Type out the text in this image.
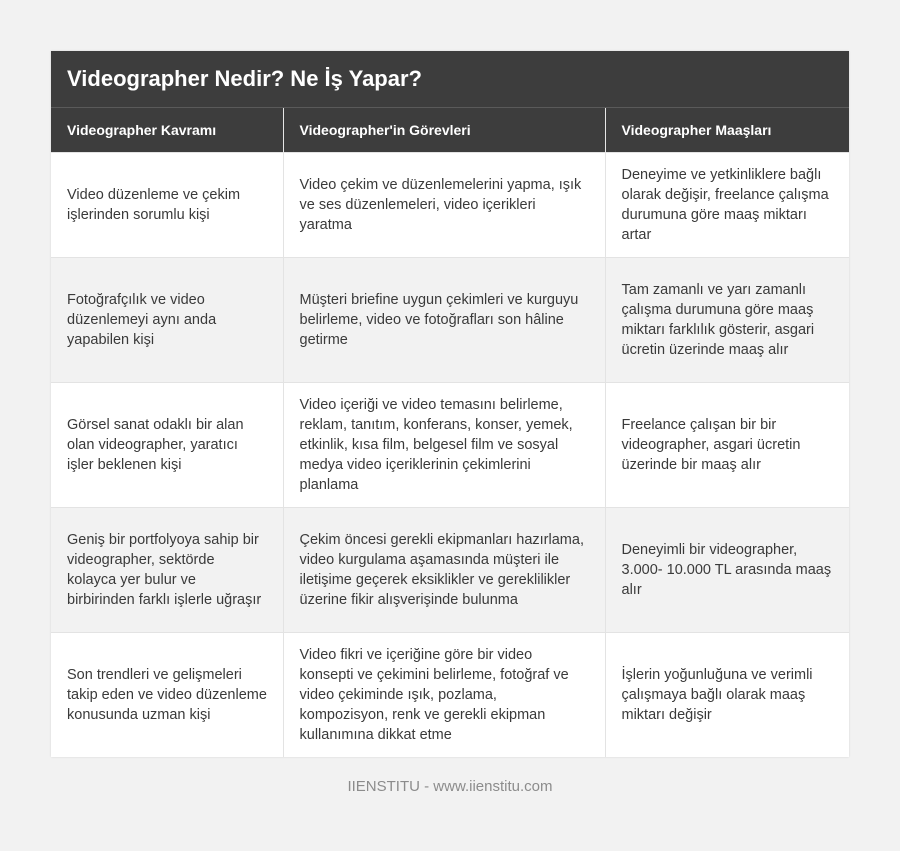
Videographer Nedir? Ne İş Yapar?
Videographer Kavramı	Videographer'in Görevleri	Videographer Maaşları
Video düzenleme ve çekim işlerinden sorumlu kişi	Video çekim ve düzenlemelerini yapma, ışık ve ses düzenlemeleri, video içerikleri yaratma	Deneyime ve yetkinliklere bağlı olarak değişir, freelance çalışma durumuna göre maaş miktarı artar
Fotoğrafçılık ve video düzenlemeyi aynı anda yapabilen kişi	Müşteri briefine uygun çekimleri ve kurguyu belirleme, video ve fotoğrafları son hâline getirme	Tam zamanlı ve yarı zamanlı çalışma durumuna göre maaş miktarı farklılık gösterir, asgari ücretin üzerinde maaş alır
Görsel sanat odaklı bir alan olan videographer, yaratıcı işler beklenen kişi	Video içeriği ve video temasını belirleme, reklam, tanıtım, konferans, konser, yemek, etkinlik, kısa film, belgesel film ve sosyal medya video içeriklerinin çekimlerini planlama	Freelance çalışan bir bir videographer, asgari ücretin üzerinde bir maaş alır
Geniş bir portfolyoya sahip bir videographer, sektörde kolayca yer bulur ve birbirinden farklı işlerle uğraşır	Çekim öncesi gerekli ekipmanları hazırlama, video kurgulama aşamasında müşteri ile iletişime geçerek eksiklikler ve gereklilikler üzerine fikir alışverişinde bulunma	Deneyimli bir videographer, 3.000- 10.000 TL arasında maaş alır
Son trendleri ve gelişmeleri takip eden ve video düzenleme konusunda uzman kişi	Video fikri ve içeriğine göre bir video konsepti ve çekimini belirleme, fotoğraf ve video çekiminde ışık, pozlama, kompozisyon, renk ve gerekli ekipman kullanımına dikkat etme	İşlerin yoğunluğuna ve verimli çalışmaya bağlı olarak maaş miktarı değişir
IIENSTITU - www.iienstitu.com
